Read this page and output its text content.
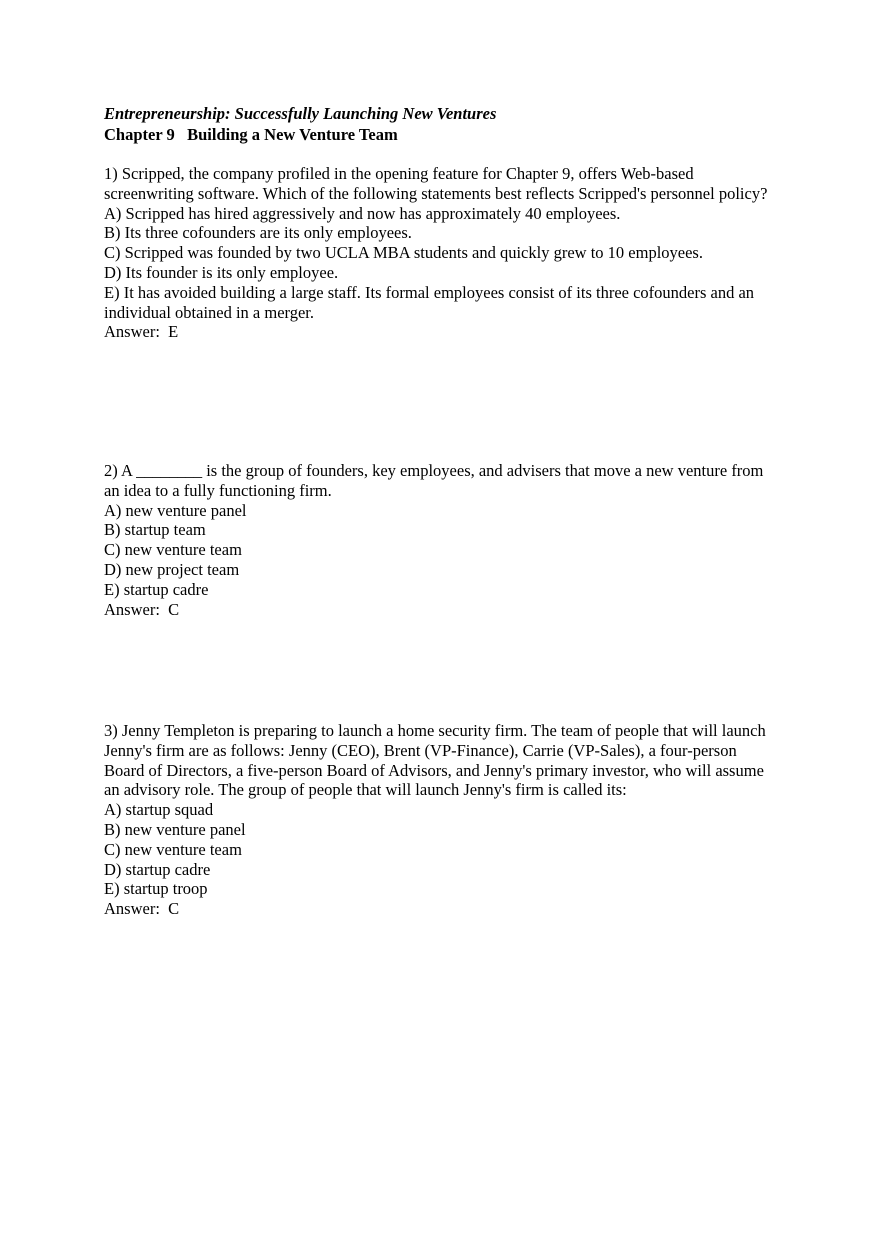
Entrepreneurship: Successfully Launching New Ventures

Chapter 9   Building a New Venture Team

1) Scripped, the company profiled in the opening feature for Chapter 9, offers Web-based screenwriting software. Which of the following statements best reflects Scripped's personnel policy?

A) Scripped has hired aggressively and now has approximately 40 employees.

B) Its three cofounders are its only employees.

C) Scripped was founded by two UCLA MBA students and quickly grew to 10 employees.

D) Its founder is its only employee.

E) It has avoided building a large staff. Its formal employees consist of its three cofounders and an individual obtained in a merger.

Answer:  E

2) A ________ is the group of founders, key employees, and advisers that move a new venture from an idea to a fully functioning firm.

A) new venture panel

B) startup team

C) new venture team

D) new project team

E) startup cadre

Answer:  C

3) Jenny Templeton is preparing to launch a home security firm. The team of people that will launch Jenny's firm are as follows: Jenny (CEO), Brent (VP-Finance), Carrie (VP-Sales), a four-person Board of Directors, a five-person Board of Advisors, and Jenny's primary investor, who will assume an advisory role. The group of people that will launch Jenny's firm is called its:

A) startup squad

B) new venture panel

C) new venture team

D) startup cadre

E) startup troop

Answer:  C
